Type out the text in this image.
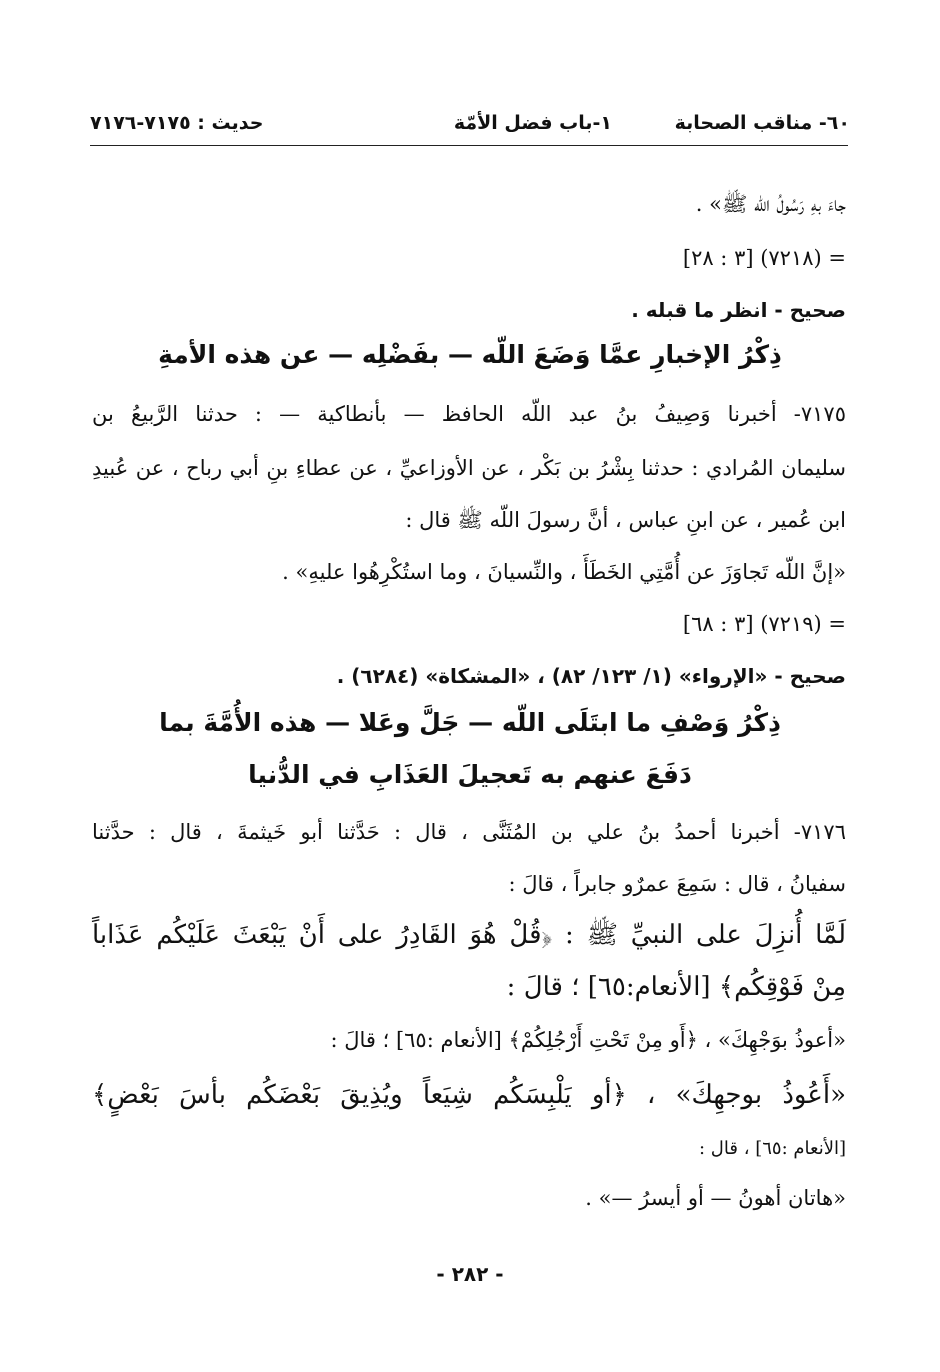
٦٠- مناقب الصحابة
١-باب فضل الأمّة
حديث : ٧١٧٥-٧١٧٦
جاءَ بهِ رَسُولُ اللّه ﷺ» .
= (٧٢١٨) [٣ : ٢٨]
صحيح - انظر ما قبله .
ذِكْرُ الإخبارِ عمَّا وَضَعَ اللّه — بفَضْلِه — عن هذه الأمةِ
٧١٧٥- أخبرنا وَصِيفُ بنُ عبد اللّه الحافظ — بأنطاكية — : حدثنا الرَّبيعُ بن
سليمان المُرادي : حدثنا بِشْرُ بن بَكْر ، عن الأوزاعيِّ ، عن عطاءِ بنِ أبي رباح ، عن عُبيدِ
ابن عُمير ، عن ابنِ عباس ، أنَّ رسولَ اللّه ﷺ قال :
«إنَّ اللّه تَجاوَزَ عن أُمَّتِي الخَطَأَ ، والنِّسيانَ ، وما استُكْرِهُوا عليهِ» .
= (٧٢١٩) [٣ : ٦٨]
صحيح - «الإرواء» (١/ ١٢٣/ ٨٢) ، «المشكاة» (٦٢٨٤) .
ذِكْرُ وَصْفِ ما ابتَلَى اللّه — جَلَّ وعَلا — هذه الأُمَّةَ بما
دَفَعَ عنهم به تَعجيلَ العَذَابِ في الدُّنيا
٧١٧٦- أخبرنا أحمدُ بنُ علي بن المُثَنَّى ، قال : حَدَّثنا أبو خَيثمةَ ، قال : حدَّثنا
سفيانُ ، قال : سَمِعَ عمرٌو جابراً ، قالَ :
لَمَّا أُنزِلَ على النبيِّ ﷺ : ﴿قُلْ هُوَ القَادِرُ على أَنْ يَبْعَثَ عَلَيْكُم عَذَاباً
مِنْ فَوْقِكُم﴾ [الأنعام:٦٥] ؛ قالَ :
«أعوذُ بوَجْهِكَ» ، ﴿أَو مِنْ تَحْتِ أَرْجُلِكُمْ﴾ [الأنعام :٦٥] ؛ قالَ :
«أَعُوذُ بوجهِكَ» ، ﴿أو يَلْبِسَكُم شِيَعاً ويُذِيقَ بَعْضَكُم بأسَ بَعْضٍ﴾
[الأنعام :٦٥] ، قال :
«هاتان أهونُ — أو أيسرُ —» .
- ٢٨٢ -
